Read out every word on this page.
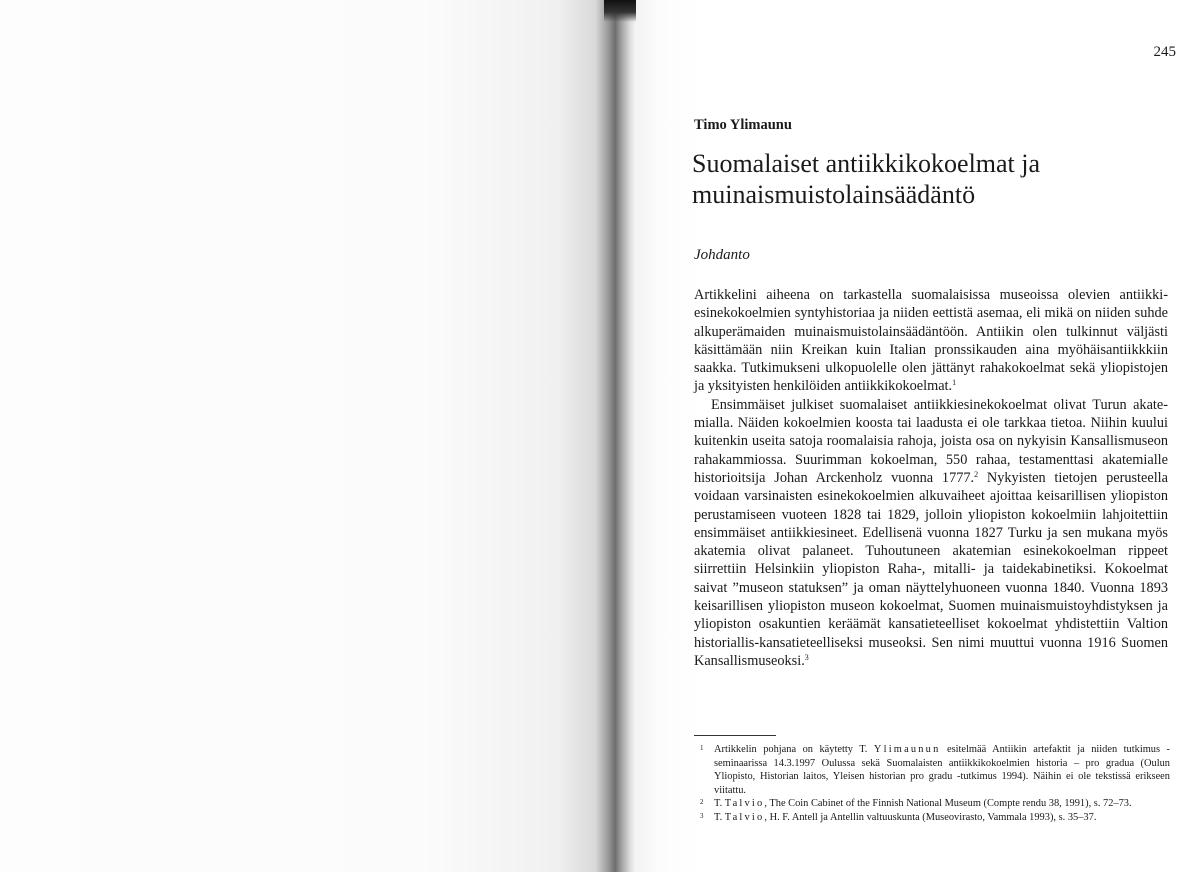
245
Timo Ylimaunu
Suomalaiset antiikkikokoelmat ja muinaismuistolainsäädäntö
Johdanto

Artikkelini aiheena on tarkastella suomalaisissa museoissa olevien antiikkiesinekokoelmien syntyhistoriaa ja niiden eettistä asemaa, eli mikä on niiden suhde alkuperämaiden muinaismuistolainsäädäntöön. Antiikin olen tulkinnut väljästi käsittämään niin Kreikan kuin Italian pronssikauden aina myöhäisantiikkkiin saakka. Tutkimukseni ulkopuolelle olen jättänyt rahakokoelmat sekä yliopistojen ja yksityisten henkilöiden antiikkikokoelmat.$^1$

Ensimmäiset julkiset suomalaiset antiikkiesinekokoelmat olivat Turun akatemialla. Näiden kokoelmien koosta tai laadusta ei ole tarkkaa tietoa. Niihin kuului kuitenkin useita satoja roomalaisia rahoja, joista osa on nykyisin Kansallismuseon rahakammiossa. Suurimman kokoelman, 550 rahaa, testamenttasi akatemialle historioitsija Johan Arckenholz vuonna 1777.$^2$ Nykyisten tietojen perusteella voidaan varsinaisten esinekokoelmien alkuvaiheet ajoittaa keisarillisen yliopiston perustamiseen vuoteen 1828 tai 1829, jolloin yliopiston kokoelmiin lahjoitettiin ensimmäiset antiikkiesineet. Edellisenä vuonna 1827 Turku ja sen mukana myös akatemia olivat palaneet. Tuhoutuneen akatemian esinekokoelman rippeet siirrettiin Helsinkiin yliopiston Raha-, mitalli- ja taidekabinetiksi. Kokoelmat saivat ”museon statuksen” ja oman näyttelyhuoneen vuonna 1840. Vuonna 1893 keisarillisen yliopiston museon kokoelmat, Suomen muinaismuistoyhdistyksen ja yliopiston osakuntien keräämät kansatieteelliset kokoelmat yhdistettiin Valtion historiallis-kansatieteelliseksi museoksi. Sen nimi muuttui vuonna 1916 Suomen Kansallismuseoksi.$^3$

1 Artikkelin pohjana on käytetty T. Ylimaunun esitelmää Antiikin artefaktit ja niiden tutkimus -seminaarissa 14.3.1997 Oulussa sekä Suomalaisten antiikkikokoelmien historia – pro gradua (Oulun Yliopisto, Historian laitos, Yleisen historian pro gradu -tutkimus 1994). Näihin ei ole tekstissä erikseen viitattu.
2 T. Talvio, The Coin Cabinet of the Finnish National Museum (Compte rendu 38, 1991), s. 72–73.
3 T. Talvio, H. F. Antell ja Antellin valtuuskunta (Museovirasto, Vammala 1993), s. 35–37.
